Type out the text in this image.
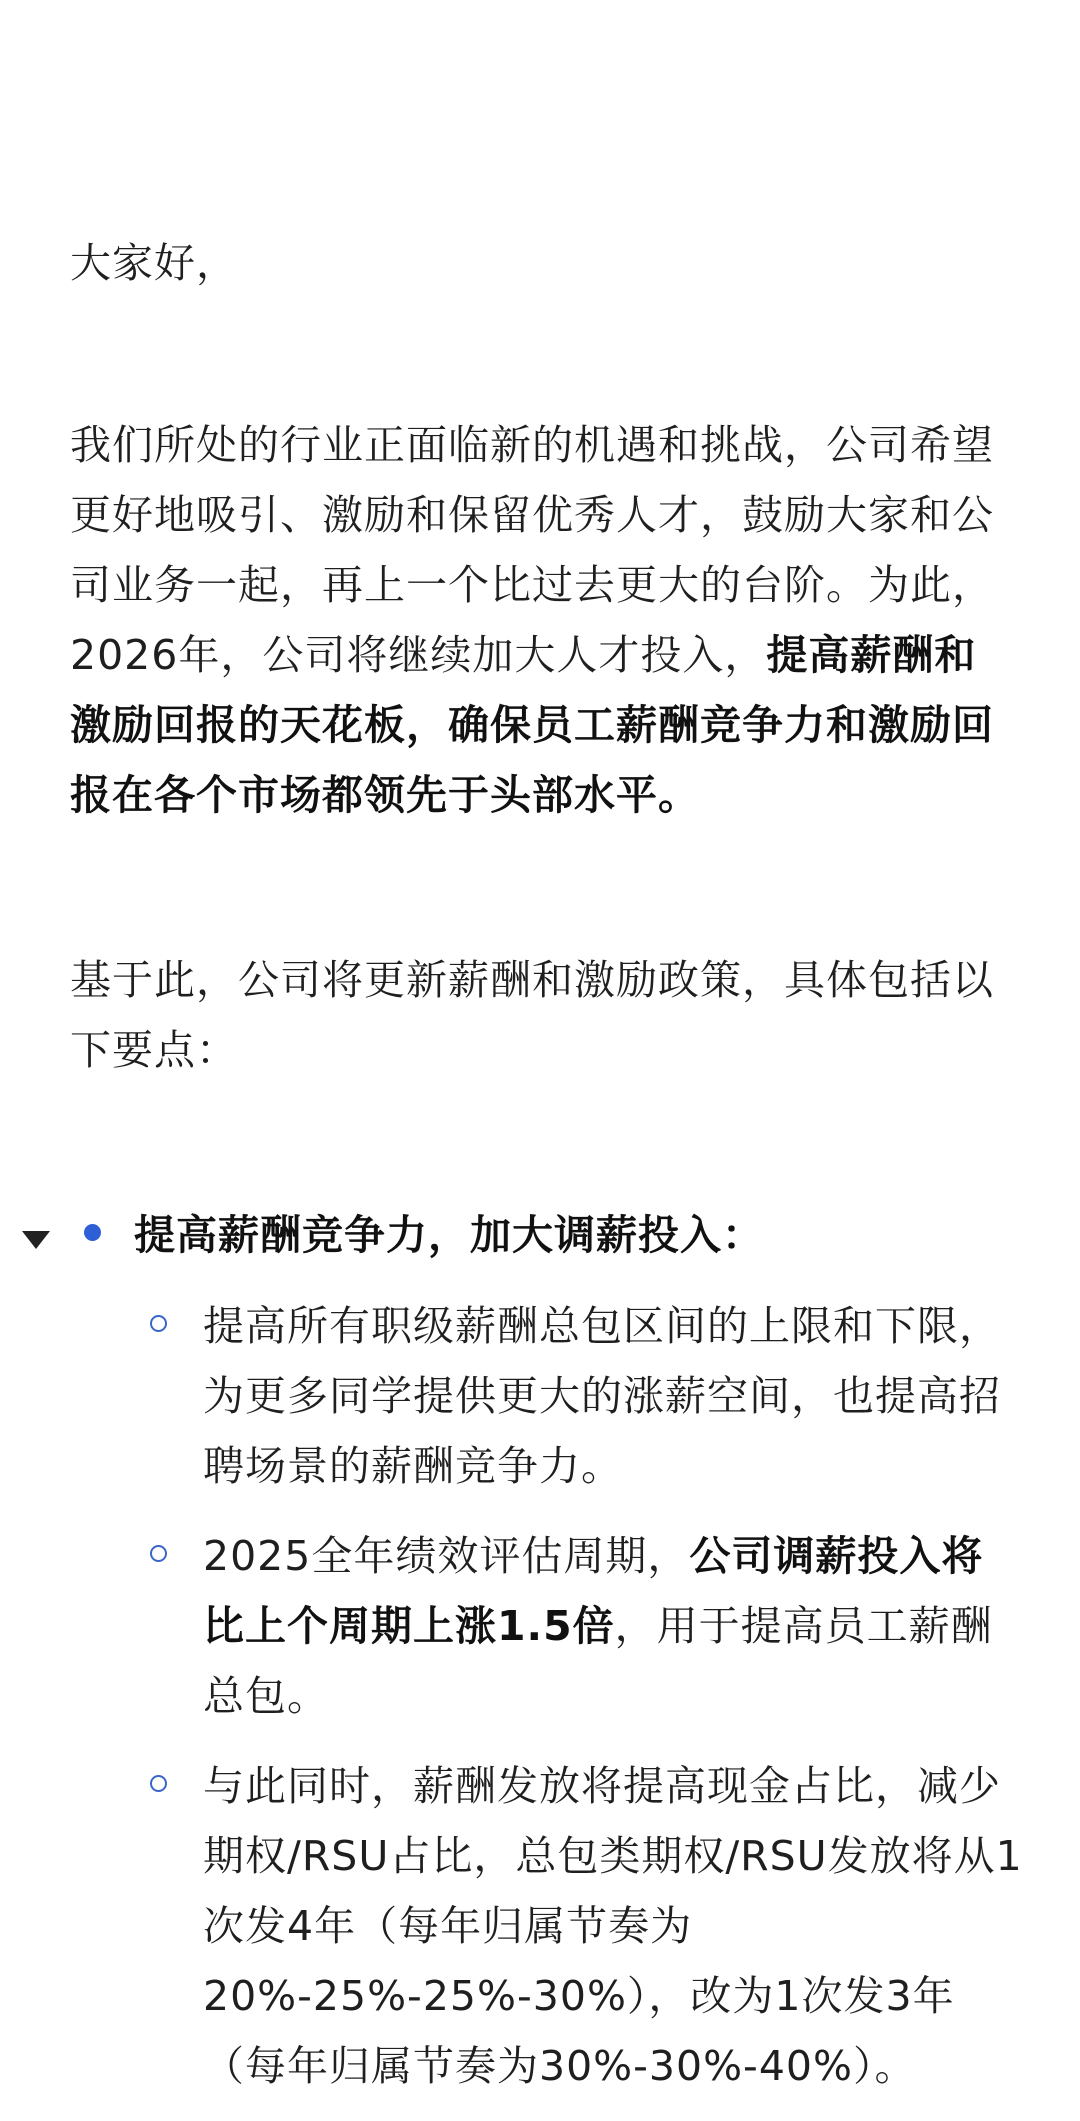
大家好，

我们所处的行业正面临新的机遇和挑战，公司希望更好地吸引、激励和保留优秀人才，鼓励大家和公司业务一起，再上一个比过去更大的台阶。为此，2026年，公司将继续加大人才投入，提高薪酬和激励回报的天花板，确保员工薪酬竞争力和激励回报在各个市场都领先于头部水平。

基于此，公司将更新薪酬和激励政策，具体包括以下要点：

提高薪酬竞争力，加大调薪投入：

提高所有职级薪酬总包区间的上限和下限，为更多同学提供更大的涨薪空间，也提高招聘场景的薪酬竞争力。

2025全年绩效评估周期，公司调薪投入将比上个周期上涨1.5倍，用于提高员工薪酬总包。

与此同时，薪酬发放将提高现金占比，减少期权/RSU占比，总包类期权/RSU发放将从1次发4年（每年归属节奏为20%-25%-25%-30%），改为1次发3年（每年归属节奏为30%-30%-40%）。
